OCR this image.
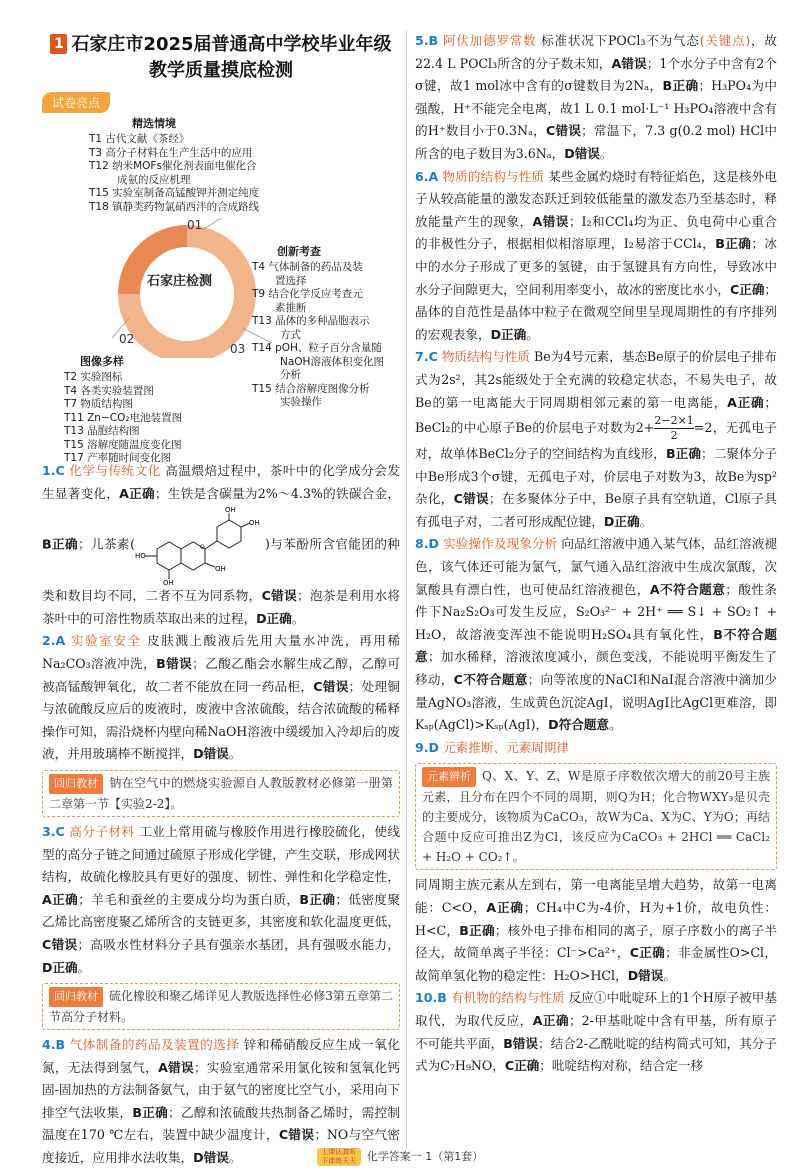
1 石家庄市2025届普通高中学校毕业年级
教学质量摸底检测
试卷亮点
石家庄检测
01
02
03
精选情境
T1 古代文献《茶经》
T3 高分子材料在生产生活中的应用
T12 纳米MOFs催化剂表面电催化合
成氨的反应机理
T15 实验室制备高锰酸钾并测定纯度
T18 镇静类药物氯硝西泮的合成路线
创新考查
T4 气体制备的药品及装
置选择
T9 结合化学反应考查元
素推断
T13 晶体的多种晶胞表示
方式
T14 pOH、粒子百分含量随
NaOH溶液体积变化图
分析
T15 结合溶解度图像分析
实验操作
图像多样
T2 实验图标
T4 各类实验装置图
T7 物质结构图
T11 Zn−CO₂电池装置图
T13 晶胞结构图
T15 溶解度随温度变化图
T17 产率随时间变化图

1.C 化学与传统文化 高温煨焙过程中，茶叶中的化学成分会发生显著变化，A正确；生铁是含碳量为2%～4.3%的铁碳合金，B正确；儿茶素(	O
OH
OH
HO
OH
OH
)与苯酚所含官能团的种类和数目均不同，二者不互为同系物，C错误；泡茶是利用水将茶叶中的可溶性物质萃取出来的过程，D正确。

2.A 实验室安全 皮肤溅上酸液后先用大量水冲洗，再用稀Na₂CO₃溶液冲洗，B错误；乙酸乙酯会水解生成乙醇，乙醇可被高锰酸钾氧化，故二者不能放在同一药品柜，C错误；处理铜与浓硫酸反应后的废液时，废液中含浓硫酸，结合浓硫酸的稀释操作可知，需沿烧杯内壁向稀NaOH溶液中缓缓加入冷却后的废液，并用玻璃棒不断搅拌，D错误。

回归教材 钠在空气中的燃烧实验源自人教版教材必修第一册第二章第一节【实验2-2】。

3.C 高分子材料 工业上常用硫与橡胶作用进行橡胶硫化，使线型的高分子链之间通过硫原子形成化学键，产生交联，形成网状结构，故硫化橡胶具有更好的强度、韧性、弹性和化学稳定性，A正确；羊毛和蚕丝的主要成分均为蛋白质，B正确；低密度聚乙烯比高密度聚乙烯所含的支链更多，其密度和软化温度更低，C错误；高吸水性材料分子具有强亲水基团，具有强吸水能力，D正确。

回归教材 硫化橡胶和聚乙烯详见人教版选择性必修3第五章第二节高分子材料。

4.B 气体制备的药品及装置的选择 锌和稀硝酸反应生成一氧化氮，无法得到氢气，A错误；实验室通常采用氯化铵和氢氧化钙固-固加热的方法制备氨气，由于氨气的密度比空气小，采用向下排空气法收集，B正确；乙醇和浓硫酸共热制备乙烯时，需控制温度在170 ℃左右，装置中缺少温度计，C错误；NO与空气密度接近，应用排水法收集，D错误。

5.B 阿伏加德罗常数 标准状况下POCl₃不为气态(关键点)，故22.4 L POCl₃所含的分子数未知，A错误；1个水分子中含有2个σ键，故1 mol冰中含有的σ键数目为2Nₐ，B正确；H₃PO₄为中强酸，H⁺不能完全电离，故1 L 0.1 mol·L⁻¹ H₃PO₄溶液中含有的H⁺数目小于0.3Nₐ，C错误；常温下，7.3 g(0.2 mol) HCl中所含的电子数目为3.6Nₐ，D错误。

6.A 物质的结构与性质 某些金属灼烧时有特征焰色，这是核外电子从较高能量的激发态跃迁到较低能量的激发态乃至基态时，释放能量产生的现象，A错误；I₂和CCl₄均为正、负电荷中心重合的非极性分子，根据相似相溶原理，I₂易溶于CCl₄，B正确；冰中的水分子形成了更多的氢键，由于氢键具有方向性，导致冰中水分子间隙更大，空间利用率变小，故冰的密度比水小，C正确；晶体的自范性是晶体中粒子在微观空间里呈现周期性的有序排列的宏观表象，D正确。

7.C 物质结构与性质 Be为4号元素，基态Be原子的价层电子排布式为2s²，其2s能级处于全充满的较稳定状态，不易失电子，故Be的第一电离能大于同周期相邻元素的第一电离能，A正确；BeCl₂的中心原子Be的价层电子对数为$2+ \frac{2-2\times 1}{2} =2$，无孤电子对，故单体BeCl₂分子的空间结构为直线形，B正确；二聚体分子中Be形成3个σ键，无孤电子对，价层电子对数为3，故Be为sp²杂化，C错误；在多聚体分子中，Be原子具有空轨道，Cl原子具有孤电子对，二者可形成配位键，D正确。

8.D 实验操作及现象分析 向品红溶液中通入某气体，品红溶液褪色，该气体还可能为氯气，氯气通入品红溶液中生成次氯酸，次氯酸具有漂白性，也可使品红溶液褪色，A不符合题意；酸性条件下Na₂S₂O₃可发生反应，S₂O₃²⁻ + 2H⁺ ══ S↓ + SO₂↑ + H₂O，故溶液变浑浊不能说明H₂SO₄具有氧化性，B不符合题意；加水稀释，溶液浓度减小，颜色变浅，不能说明平衡发生了移动，C不符合题意；向等浓度的NaCl和NaI混合溶液中滴加少量AgNO₃溶液，生成黄色沉淀AgI，说明AgI比AgCl更难溶，即Kₛₚ(AgCl)>Kₛₚ(AgI)，D符合题意。

9.D 元素推断、元素周期律

元素辨析 Q、X、Y、Z、W是原子序数依次增大的前20号主族元素，且分布在四个不同的周期，则Q为H；化合物WXY₃是贝壳的主要成分，该物质为CaCO₃，故W为Ca、X为C、Y为O；再结合题中反应可推出Z为Cl，该反应为CaCO₃ + 2HCl ══ CaCl₂ + H₂O + CO₂↑。

同周期主族元素从左到右，第一电离能呈增大趋势，故第一电离能：C<O，A正确；CH₄中C为-4价，H为+1价，故电负性：H<C，B正确；核外电子排布相同的离子，原子序数小的离子半径大，故简单离子半径：Cl⁻>Ca²⁺，C正确；非金属性O>Cl，故简单氢化物的稳定性：H₂O>HCl，D错误。

10.B 有机物的结构与性质 反应①中吡啶环上的1个H原子被甲基取代，为取代反应，A正确；2-甲基吡啶中含有甲基，所有原子不可能共平面，B错误；结合2-乙酰吡啶的结构简式可知，其分子式为C₇H₉NO，C正确；吡啶结构对称，结合定一移

上课认真听 下课练天天 化学答案一 1（第1套）
